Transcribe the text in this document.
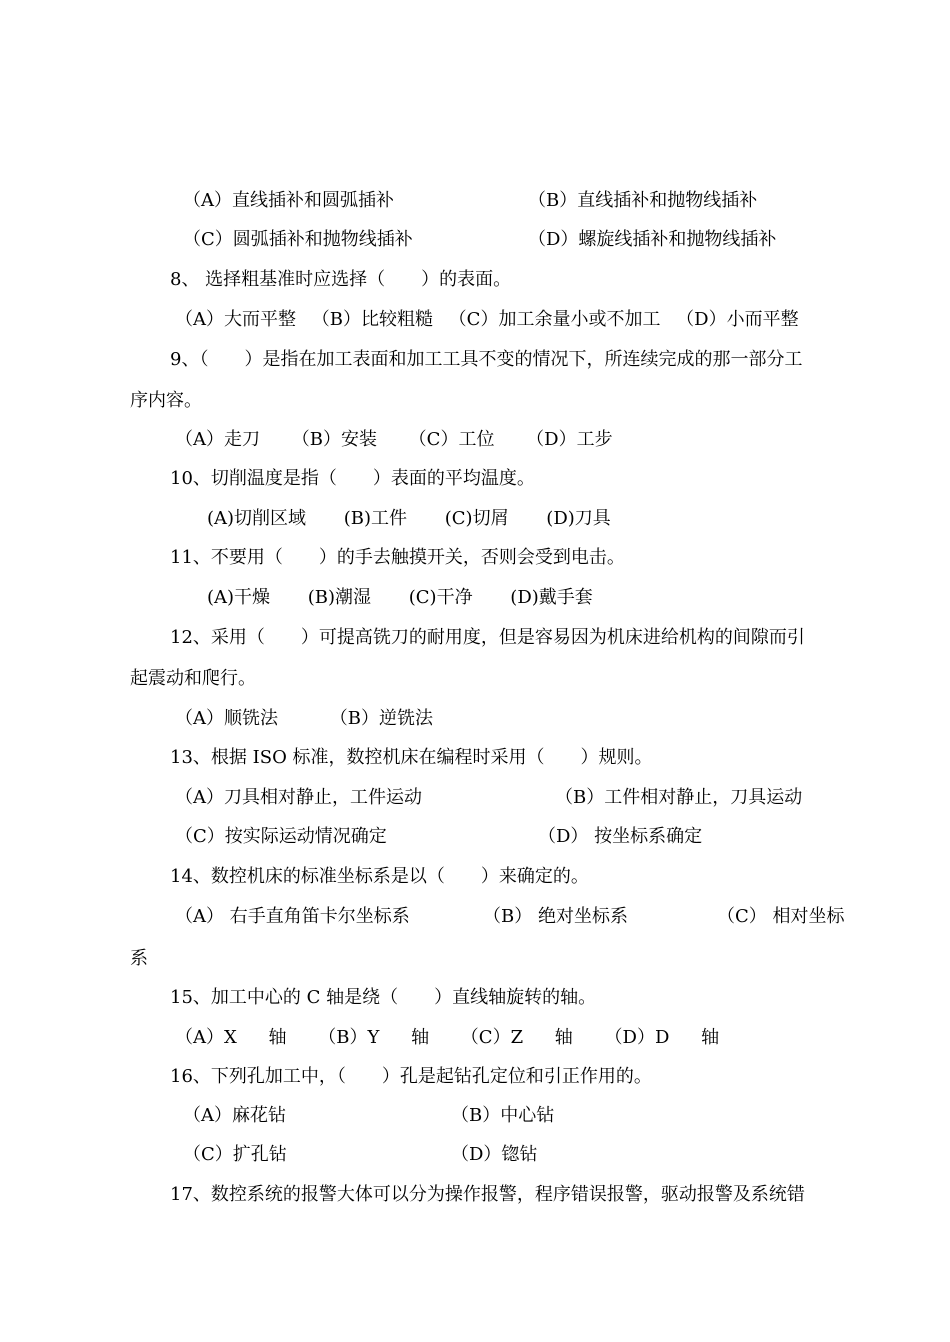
（A）直线插补和圆弧插补	（B）直线插补和抛物线插补
（C）圆弧插补和抛物线插补	（D）螺旋线插补和抛物线插补
8、 选择粗基准时应选择（　　）的表面。
（A）大而平整 （B）比较粗糙 （C）加工余量小或不加工 （D）小而平整
9、（　　）是指在加工表面和加工工具不变的情况下，所连续完成的那一部分工
序内容。
（A）走刀 （B）安装 （C）工位 （D）工步
10、切削温度是指（　　）表面的平均温度。
(A)切削区域 (B)工件 (C)切屑 (D)刀具
11、不要用（　　）的手去触摸开关，否则会受到电击。
(A)干燥 (B)潮湿 (C)干净 (D)戴手套
12、采用（　　）可提高铣刀的耐用度，但是容易因为机床进给机构的间隙而引
起震动和爬行。
（A）顺铣法 （B）逆铣法
13、根据 ISO 标准，数控机床在编程时采用（　　）规则。
（A）刀具相对静止，工件运动	（B）工件相对静止，刀具运动
（C）按实际运动情况确定	（D） 按坐标系确定
14、数控机床的标准坐标系是以（　　）来确定的。
（A） 右手直角笛卡尔坐标系	（B） 绝对坐标系	（C） 相对坐标
系
15、加工中心的 C 轴是绕（　　）直线轴旋转的轴。
（A）X 轴 （B）Y 轴 （C）Z 轴 （D）D 轴
16、下列孔加工中，（　　）孔是起钻孔定位和引正作用的。
（A）麻花钻	（B）中心钻
（C）扩孔钻	（D）锪钻
17、数控系统的报警大体可以分为操作报警，程序错误报警，驱动报警及系统错
